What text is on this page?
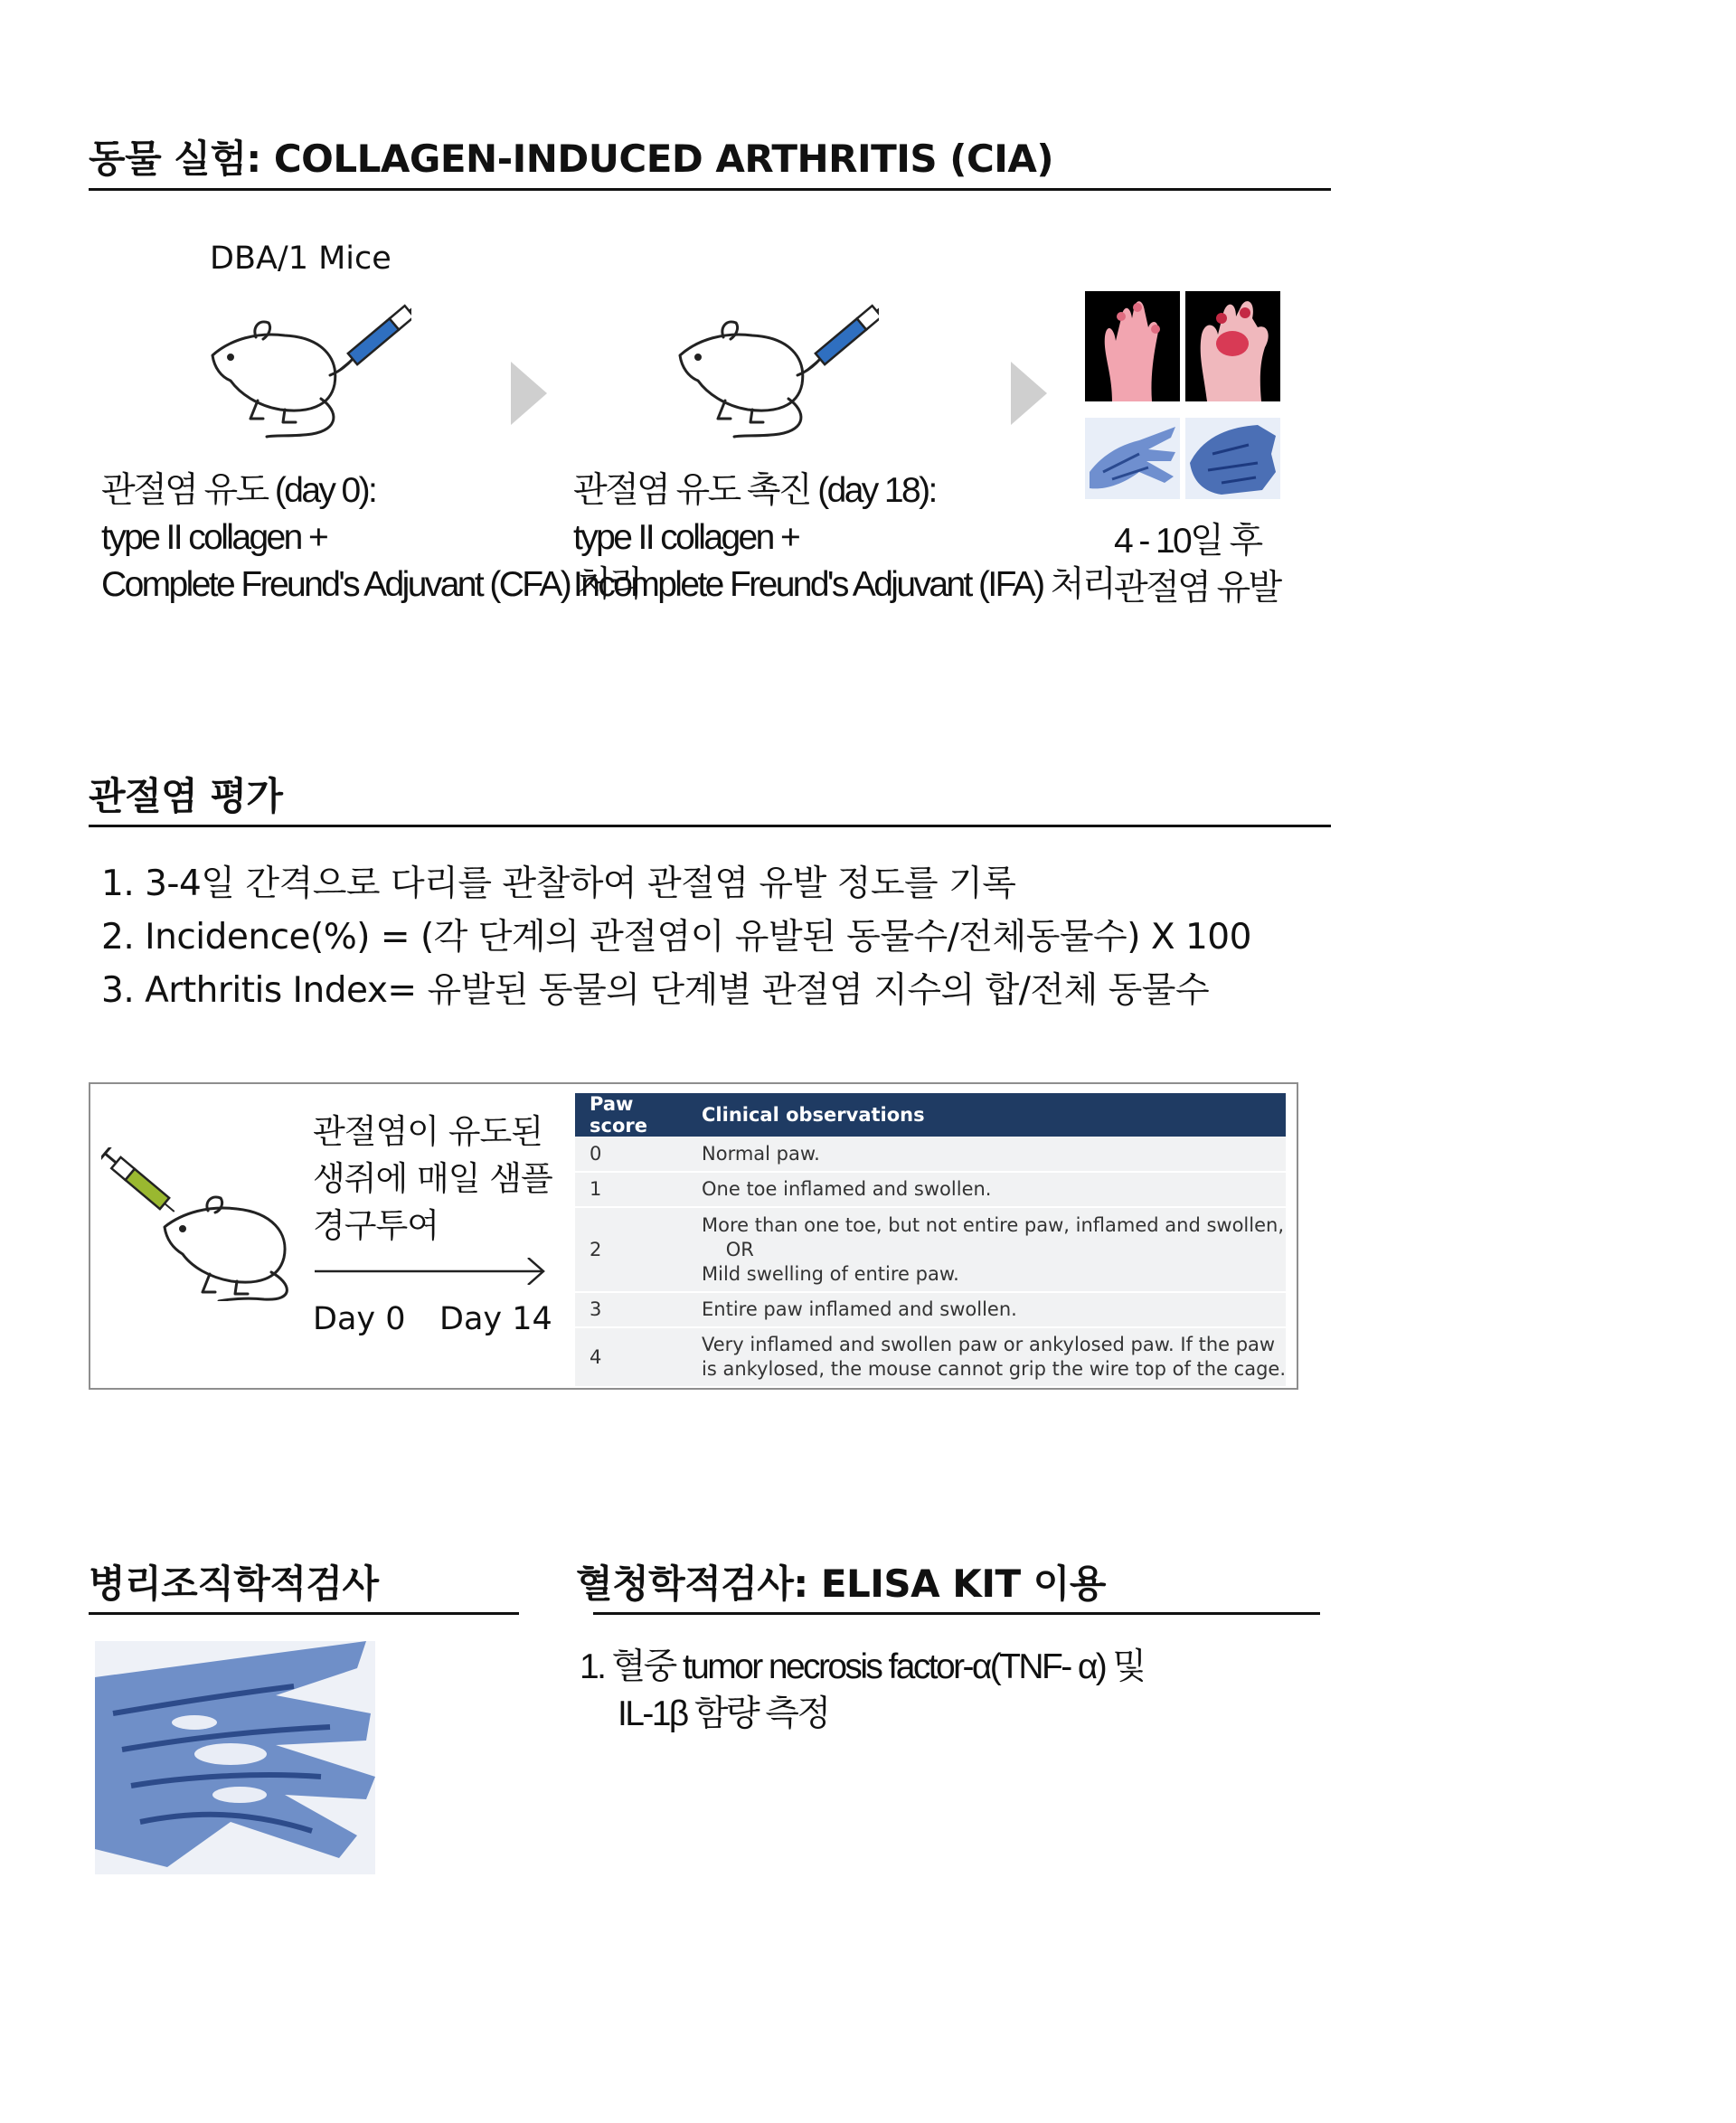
동물 실험: COLLAGEN-INDUCED ARTHRITIS (CIA)
DBA/1 Mice
관절염 유도 (day 0):
type II collagen +
Complete Freund's Adjuvant (CFA) 처리
관절염 유도 촉진 (day 18):
type II collagen +
Incomplete Freund's Adjuvant (IFA) 처리
4 - 10일 후
관절염 유발
관절염 평가
1. 3-4일 간격으로 다리를 관찰하여 관절염 유발 정도를 기록
2. Incidence(%) = (각 단계의 관절염이 유발된 동물수/전체동물수) X 100
3. Arthritis Index= 유발된 동물의 단계별 관절염 지수의 합/전체 동물수
관절염이 유도된
생쥐에 매일 샘플
경구투여
Day 0 Day 14
Paw score	Clinical observations
0	Normal paw.

1	One toe inflamed and swollen.

2	More than one toe, but not entire paw, inflamed and swollen,
OR
Mild swelling of entire paw.

3	Entire paw inflamed and swollen.

4	Very inflamed and swollen paw or ankylosed paw. If the paw
is ankylosed, the mouse cannot grip the wire top of the cage.
병리조직학적검사	혈청학적검사: ELISA KIT 이용
1. 혈중 tumor necrosis factor-α(TNF- α) 및
IL-1β 함량 측정
